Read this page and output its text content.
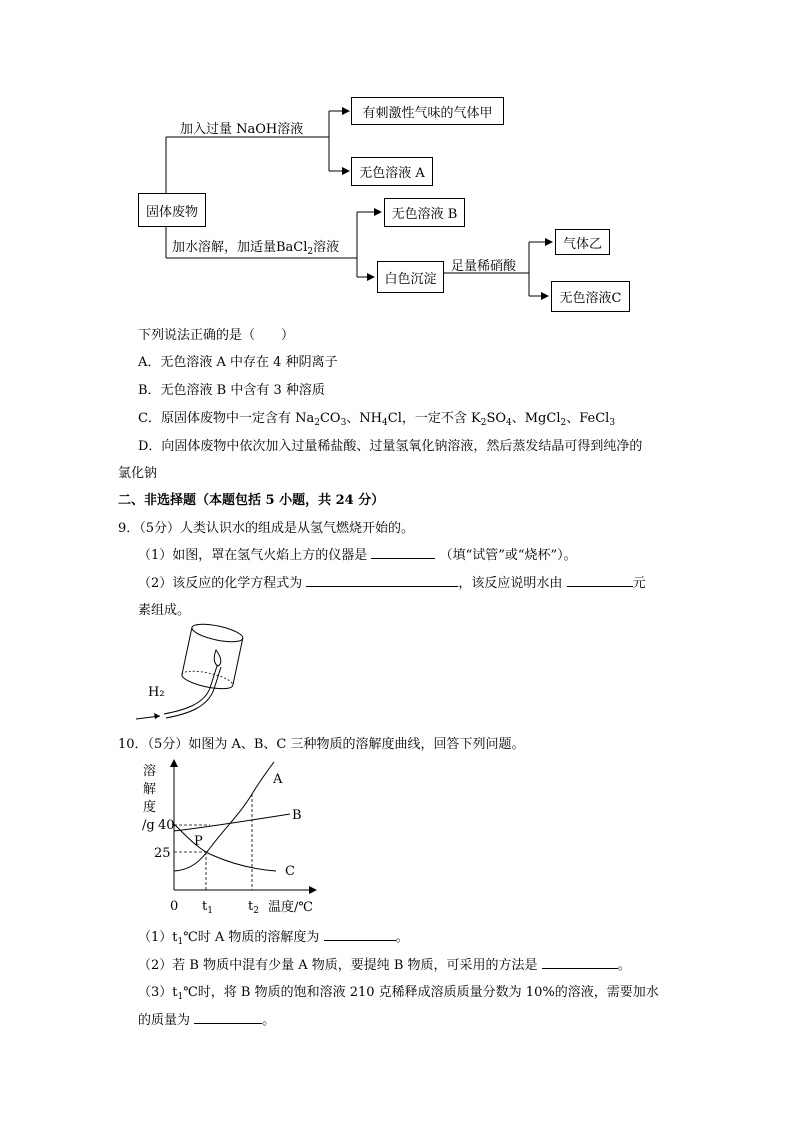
固体废物
加入过量 NaOH溶液
有刺激性气味的气体甲
无色溶液 A
加水溶解，加适量BaCl$_2$溶液
无色溶液 B
白色沉淀
足量稀硝酸
气体乙
无色溶液C
下列说法正确的是（　　）
A．无色溶液 A 中存在 4 种阴离子
B．无色溶液 B 中含有 3 种溶质
C．原固体废物中一定含有 $Na_2CO_3$、$NH_4Cl$，一定不含 $K_2SO_4$、MgCl$_2$、FeCl$_3$
D．向固体废物中依次加入过量稀盐酸、过量氢氧化钠溶液，然后蒸发结晶可得到纯净的
氯化钠
二、非选择题（本题包括 5 小题，共 24 分）
9．（5分）人类认识水的组成是从氢气燃烧开始的。
（1）如图，罩在氢气火焰上方的仪器是	（填“试管”或“烧杯”）。
（2）该反应的化学方程式为	，该反应说明水由	元
素组成。
H₂
10．（5分）如图为 A、B、C 三种物质的溶解度曲线，回答下列问题。
溶
解
度
/g 40
25
0 $t_1$	$t_2$ 温度/℃
P
A
B
C
$(1)t_1℃$时 A 物质的溶解度为	。
（2）若 B 物质中混有少量 A 物质，要提纯 B 物质，可采用的方法是	。
$(3)t_1℃$时，将 B 物质的饱和溶液 210 克稀释成溶质质量分数为 10%的溶液，需要加水
的质量为	。
